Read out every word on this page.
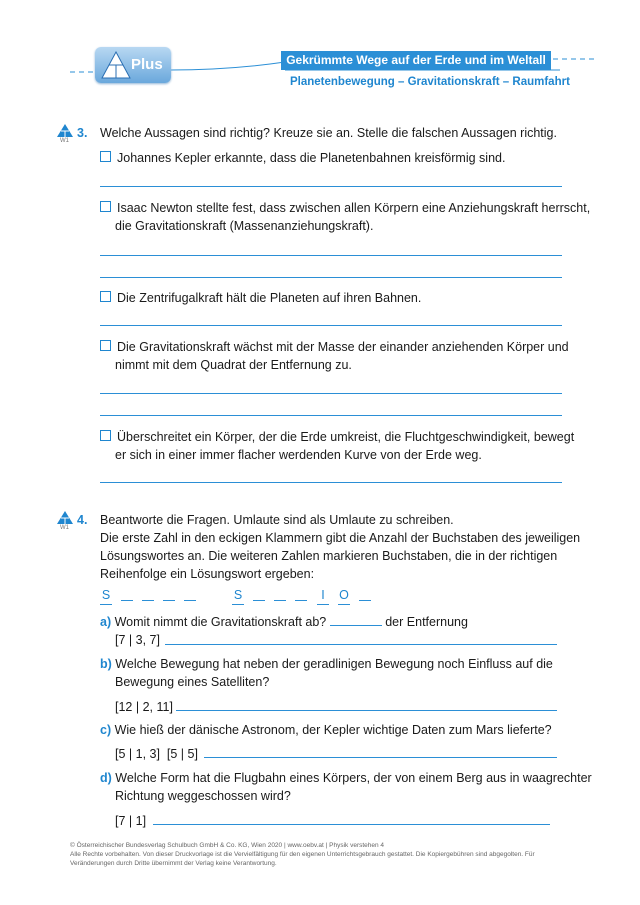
Plus	Gekrümmte Wege auf der Erde und im Weltall
Planetenbewegung – Gravitationskraft – Raumfahrt
W1
3. Welche Aussagen sind richtig? Kreuze sie an. Stelle die falschen Aussagen richtig.
Johannes Kepler erkannte, dass die Planetenbahnen kreisförmig sind.
Isaac Newton stellte fest, dass zwischen allen Körpern eine Anziehungskraft herrscht,
die Gravitationskraft (Massenanziehungskraft).
Die Zentrifugalkraft hält die Planeten auf ihren Bahnen.
Die Gravitationskraft wächst mit der Masse der einander anziehenden Körper und
nimmt mit dem Quadrat der Entfernung zu.
Überschreitet ein Körper, der die Erde umkreist, die Fluchtgeschwindigkeit, bewegt
er sich in einer immer flacher werdenden Kurve von der Erde weg.
W1
4. Beantworte die Fragen. Umlaute sind als Umlaute zu schreiben.
Die erste Zahl in den eckigen Klammern gibt die Anzahl der Buchstaben des jeweiligen
Lösungswortes an. Die weiteren Zahlen markieren Buchstaben, die in der richtigen
Reihenfolge ein Lösungswort ergeben:
S	S	I	O
a) Womit nimmt die Gravitationskraft ab?	der Entfernung
[7 | 3, 7]
b) Welche Bewegung hat neben der geradlinigen Bewegung noch Einfluss auf die
Bewegung eines Satelliten?
[12 | 2, 11]
c) Wie hieß der dänische Astronom, der Kepler wichtige Daten zum Mars lieferte?
[5 | 1, 3]  [5 | 5]
d) Welche Form hat die Flugbahn eines Körpers, der von einem Berg aus in waagrechter
Richtung weggeschossen wird?
[7 | 1]
© Österreichischer Bundesverlag Schulbuch GmbH & Co. KG, Wien 2020 | www.oebv.at | Physik verstehen 4
Alle Rechte vorbehalten. Von dieser Druckvorlage ist die Vervielfältigung für den eigenen Unterrichtsgebrauch gestattet. Die Kopiergebühren sind abgegolten. Für
Veränderungen durch Dritte übernimmt der Verlag keine Verantwortung.
